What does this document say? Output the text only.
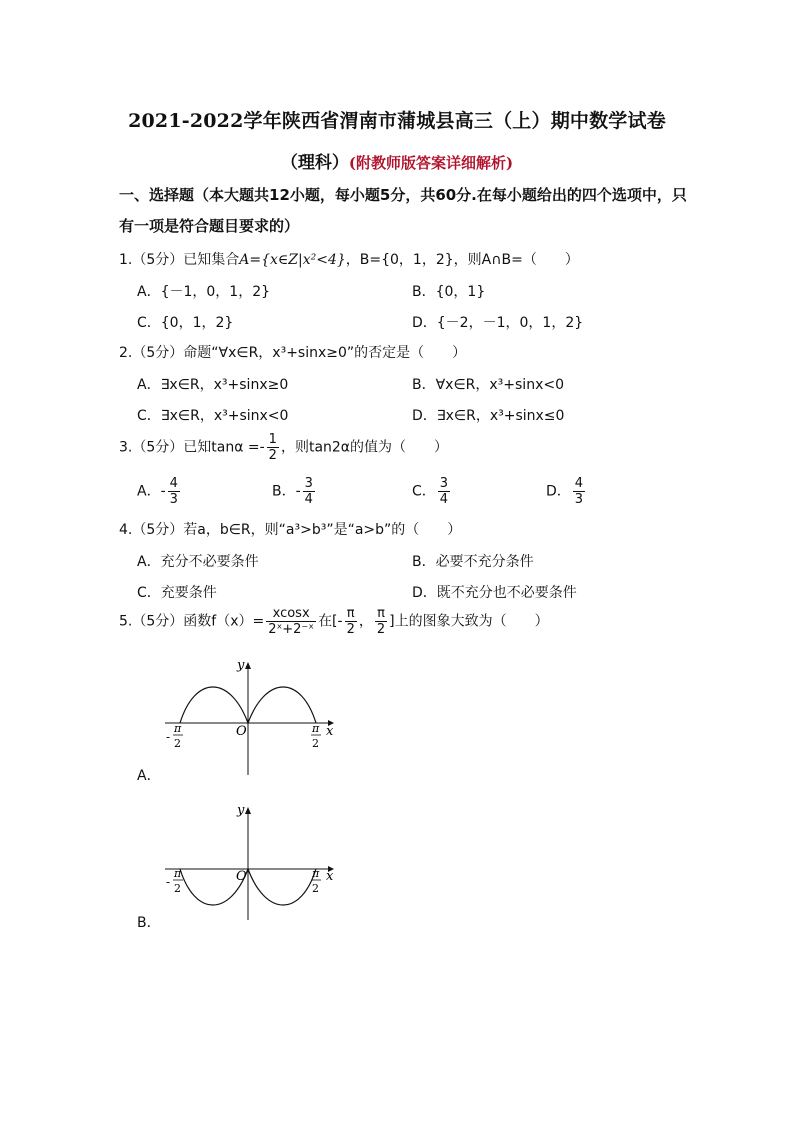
2021-2022学年陕西省渭南市蒲城县高三（上）期中数学试卷
（理科）(附教师版答案详细解析)
一、选择题（本大题共12小题，每小题5分，共60分.在每小题给出的四个选项中，只有一项是符合题目要求的）
1.（5分）已知集合A={x∈Z|x²<4}，B={0，1，2}，则A∩B=（　　）
A．{－1，0，1，2}	B．{0，1}
C．{0，1，2}	D．{－2，－1，0，1，2}
2.（5分）命题“∀x∈R，x³+sinx≥0”的否定是（　　）
A．∃x∈R，x³+sinx≥0	B．∀x∈R，x³+sinx<0
C．∃x∈R，x³+sinx<0	D．∃x∈R，x³+sinx≤0
3.（5分）已知$\tan\alpha =- \frac{1}{2}$ ，则tan2α的值为（　　）
A．- $\frac{4}{3}$	B．- $\frac{3}{4}$	C． $\frac{3}{4}$	D． $\frac{4}{3}$
4.（5分）若a，b∈R，则“a³>b³”是“a>b”的（　　）
A．充分不必要条件	B．必要不充分条件
C．充要条件	D．既不充分也不必要条件
5.（5分）函数$f(x)= \frac{xcosx}{\text{2ˣ+2⁻ˣ}}$ 在[- $\frac{\pi}{2}$ ， $\frac{\pi}{2}$ ]上的图象大致为（　　）
y
x
O
-
π
2
π
2
A．
y
x
O
-
π
2
π
2
B．
